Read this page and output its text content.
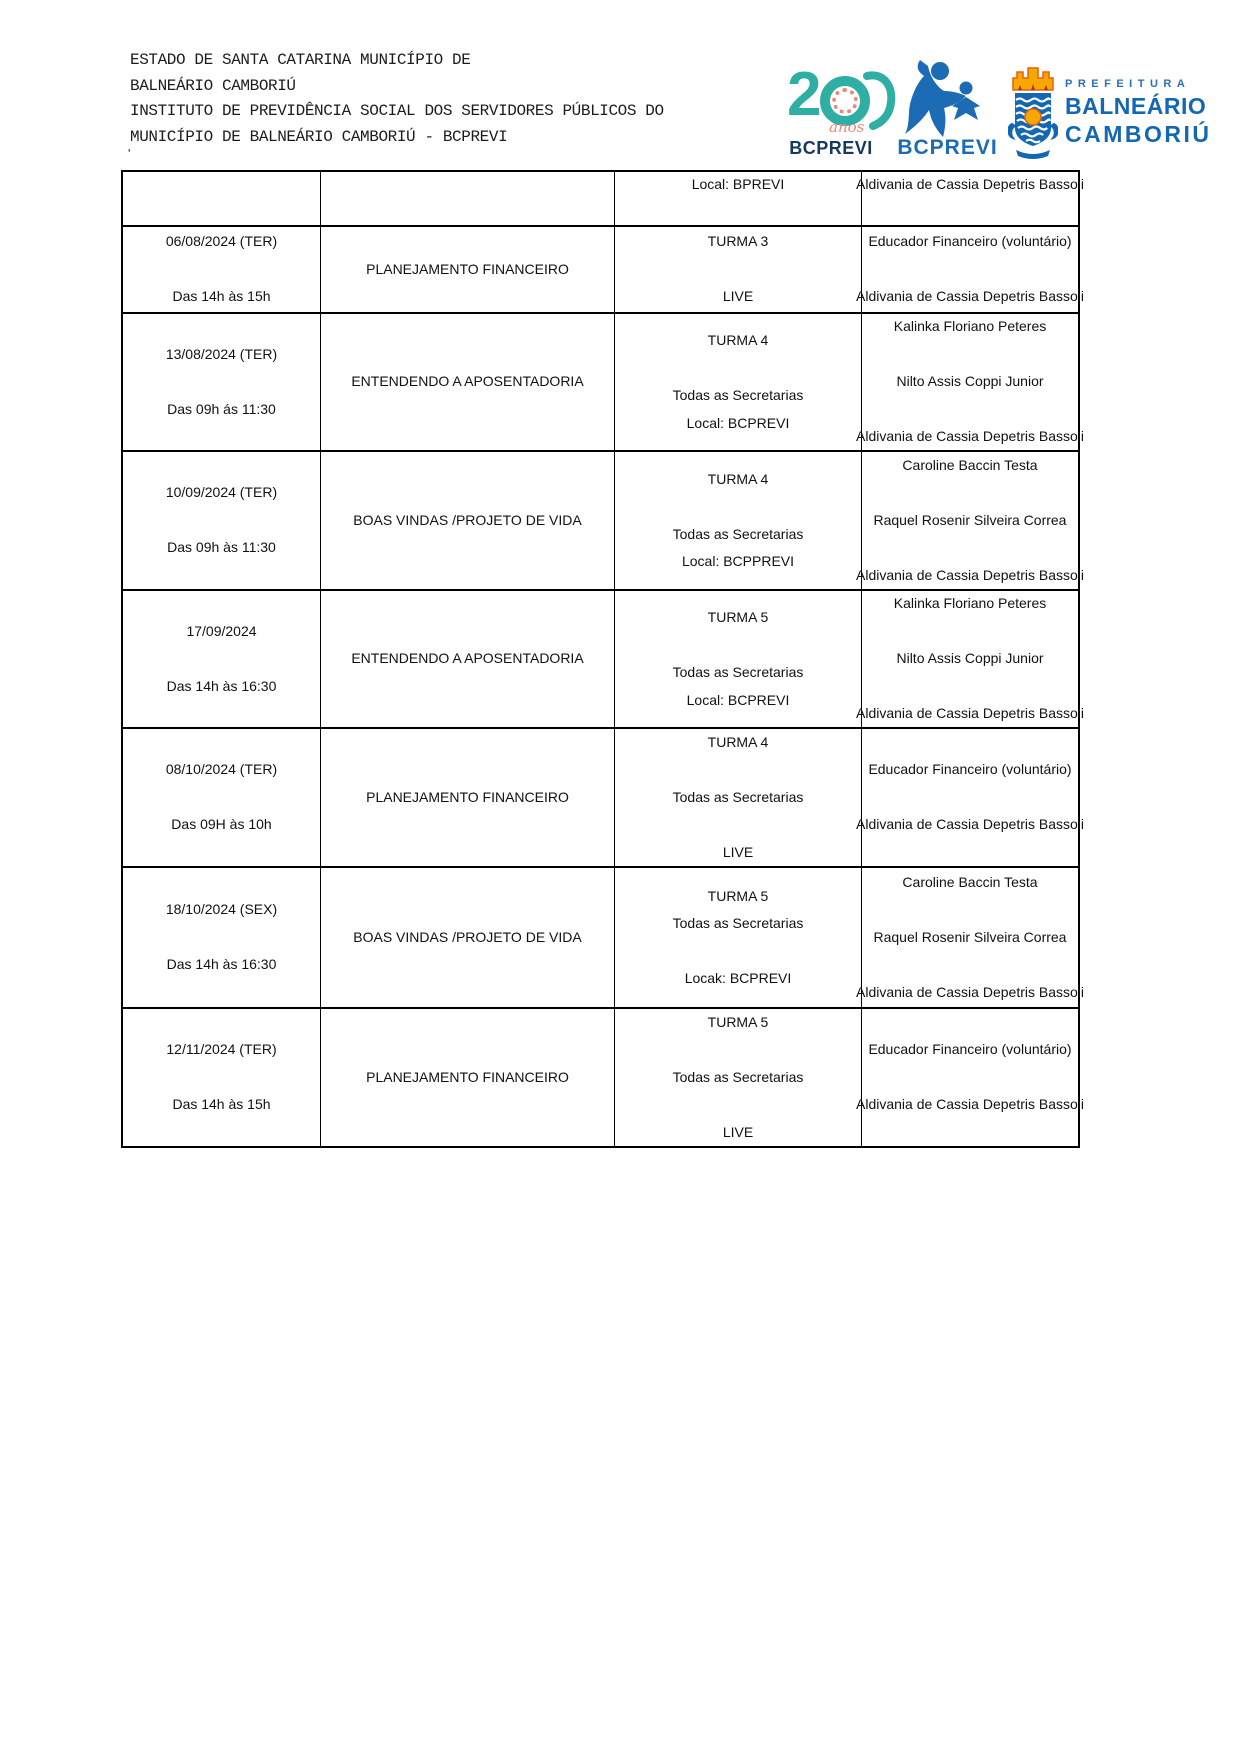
ESTADO DE SANTA CATARINA MUNICÍPIO DE
BALNEÁRIO CAMBORIÚ
INSTITUTO DE PREVIDÊNCIA SOCIAL DOS SERVIDORES PÚBLICOS DO
MUNICÍPIO DE BALNEÁRIO CAMBORIÚ - BCPREVI
'
2 anos
BCPREVI	BCPREVI
PREFEITURA
BALNEÁRIO
CAMBORIÚ
Local: BPREVI	Aldivania de Cassia Depetris Bassoli
06/08/2024 (TER)
Das 14h às 15h
PLANEJAMENTO FINANCEIRO
TURMA 3
LIVE
Educador Financeiro (voluntário)
Aldivania de Cassia Depetris Bassoli
13/08/2024 (TER)
Das 09h ás 11:30
ENTENDENDO A APOSENTADORIA
TURMA 4
Todas as Secretarias
Local: BCPREVI
Kalinka Floriano Peteres
Nilto Assis Coppi Junior
Aldivania de Cassia Depetris Bassoli
10/09/2024 (TER)
Das 09h às 11:30
BOAS VINDAS /PROJETO DE VIDA
TURMA 4
Todas as Secretarias
Local: BCPPREVI
Caroline Baccin Testa
Raquel Rosenir Silveira Correa
Aldivania de Cassia Depetris Bassoli
17/09/2024
Das 14h às 16:30
ENTENDENDO A APOSENTADORIA
TURMA 5
Todas as Secretarias
Local: BCPREVI
Kalinka Floriano Peteres
Nilto Assis Coppi Junior
Aldivania de Cassia Depetris Bassoli
08/10/2024 (TER)
Das 09H às 10h
PLANEJAMENTO FINANCEIRO
TURMA 4
Todas as Secretarias
LIVE
Educador Financeiro (voluntário)
Aldivania de Cassia Depetris Bassoli
18/10/2024 (SEX)
Das 14h às 16:30
BOAS VINDAS /PROJETO DE VIDA
TURMA 5
Todas as Secretarias
Locak: BCPREVI
Caroline Baccin Testa
Raquel Rosenir Silveira Correa
Aldivania de Cassia Depetris Bassoli
12/11/2024 (TER)
Das 14h às 15h
PLANEJAMENTO FINANCEIRO
TURMA 5
Todas as Secretarias
LIVE
Educador Financeiro (voluntário)
Aldivania de Cassia Depetris Bassoli
